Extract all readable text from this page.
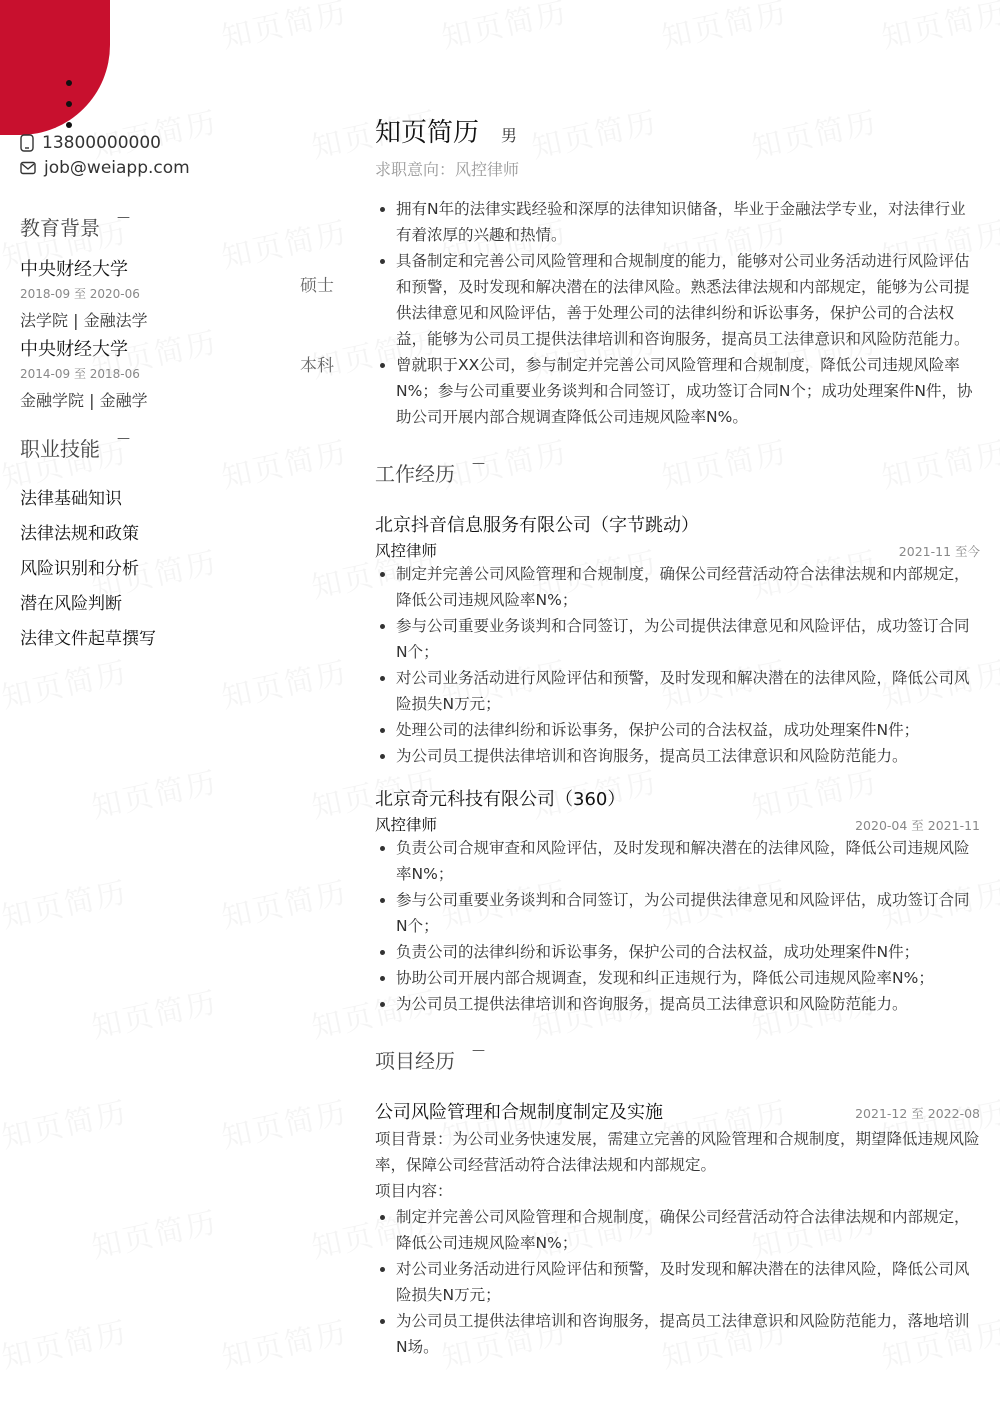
13800000000
job@weiapp.com
教育背景 —
中央财经大学
2018-09 至 2020-06
法学院 | 金融法学
硕士
中央财经大学
2014-09 至 2018-06
金融学院 | 金融学
本科
职业技能 —
法律基础知识
法律法规和政策
风险识别和分析
潜在风险判断
法律文件起草撰写
知页简历 男
求职意向：风控律师
拥有N年的法律实践经验和深厚的法律知识储备，毕业于金融法学专业，对法律行业有着浓厚的兴趣和热情。
具备制定和完善公司风险管理和合规制度的能力，能够对公司业务活动进行风险评估和预警，及时发现和解决潜在的法律风险。熟悉法律法规和内部规定，能够为公司提供法律意见和风险评估，善于处理公司的法律纠纷和诉讼事务，保护公司的合法权益，能够为公司员工提供法律培训和咨询服务，提高员工法律意识和风险防范能力。
曾就职于XX公司，参与制定并完善公司风险管理和合规制度，降低公司违规风险率N%；参与公司重要业务谈判和合同签订，成功签订合同N个；成功处理案件N件，协助公司开展内部合规调查降低公司违规风险率N%。
工作经历 —
北京抖音信息服务有限公司（字节跳动）
风控律师	2021-11 至今
制定并完善公司风险管理和合规制度，确保公司经营活动符合法律法规和内部规定，降低公司违规风险率N%；
参与公司重要业务谈判和合同签订，为公司提供法律意见和风险评估，成功签订合同N个；
对公司业务活动进行风险评估和预警，及时发现和解决潜在的法律风险，降低公司风险损失N万元；
处理公司的法律纠纷和诉讼事务，保护公司的合法权益，成功处理案件N件；
为公司员工提供法律培训和咨询服务，提高员工法律意识和风险防范能力。
北京奇元科技有限公司（360）
风控律师	2020-04 至 2021-11
负责公司合规审查和风险评估，及时发现和解决潜在的法律风险，降低公司违规风险率N%；
参与公司重要业务谈判和合同签订，为公司提供法律意见和风险评估，成功签订合同N个；
负责公司的法律纠纷和诉讼事务，保护公司的合法权益，成功处理案件N件；
协助公司开展内部合规调查，发现和纠正违规行为，降低公司违规风险率N%；
为公司员工提供法律培训和咨询服务，提高员工法律意识和风险防范能力。
项目经历 —
公司风险管理和合规制度制定及实施	2021-12 至 2022-08
项目背景：为公司业务快速发展，需建立完善的风险管理和合规制度，期望降低违规风险率，保障公司经营活动符合法律法规和内部规定。
项目内容：
制定并完善公司风险管理和合规制度，确保公司经营活动符合法律法规和内部规定，降低公司违规风险率N%；
对公司业务活动进行风险评估和预警，及时发现和解决潜在的法律风险，降低公司风险损失N万元；
为公司员工提供法律培训和咨询服务，提高员工法律意识和风险防范能力，落地培训N场。
